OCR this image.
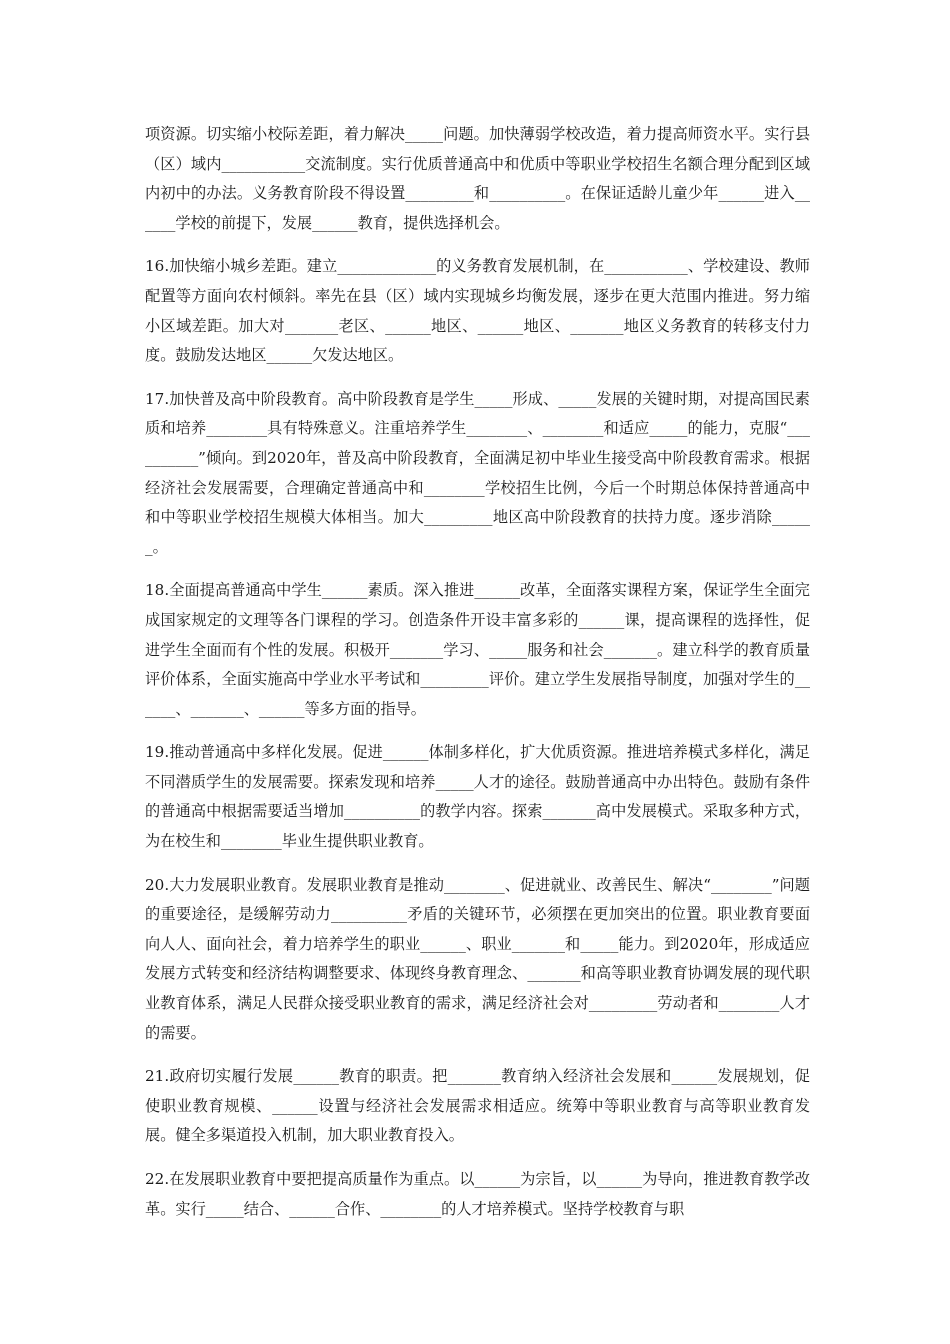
项资源。切实缩小校际差距，着力解决_____问题。加快薄弱学校改造，着力提高师资水平。实行县（区）域内___________交流制度。实行优质普通高中和优质中等职业学校招生名额合理分配到区域内初中的办法。义务教育阶段不得设置_________和__________。在保证适龄儿童少年______进入______学校的前提下，发展______教育，提供选择机会。
16.加快缩小城乡差距。建立_____________的义务教育发展机制，在___________、学校建设、教师配置等方面向农村倾斜。率先在县（区）域内实现城乡均衡发展，逐步在更大范围内推进。努力缩小区域差距。加大对_______老区、______地区、______地区、_______地区义务教育的转移支付力度。鼓励发达地区______欠发达地区。
17.加快普及高中阶段教育。高中阶段教育是学生_____形成、_____发展的关键时期，对提高国民素质和培养________具有特殊意义。注重培养学生________、________和适应_____的能力，克服“__________”倾向。到2020年，普及高中阶段教育，全面满足初中毕业生接受高中阶段教育需求。根据经济社会发展需要，合理确定普通高中和________学校招生比例，今后一个时期总体保持普通高中和中等职业学校招生规模大体相当。加大_________地区高中阶段教育的扶持力度。逐步消除______。
18.全面提高普通高中学生______素质。深入推进______改革，全面落实课程方案，保证学生全面完成国家规定的文理等各门课程的学习。创造条件开设丰富多彩的______课，提高课程的选择性，促进学生全面而有个性的发展。积极开_______学习、_____服务和社会_______。建立科学的教育质量评价体系，全面实施高中学业水平考试和_________评价。建立学生发展指导制度，加强对学生的______、_______、______等多方面的指导。
19.推动普通高中多样化发展。促进______体制多样化，扩大优质资源。推进培养模式多样化，满足不同潜质学生的发展需要。探索发现和培养_____人才的途径。鼓励普通高中办出特色。鼓励有条件的普通高中根据需要适当增加__________的教学内容。探索_______高中发展模式。采取多种方式，为在校生和________毕业生提供职业教育。
20.大力发展职业教育。发展职业教育是推动________、促进就业、改善民生、解决“________”问题的重要途径，是缓解劳动力__________矛盾的关键环节，必须摆在更加突出的位置。职业教育要面向人人、面向社会，着力培养学生的职业______、职业_______和_____能力。到2020年，形成适应发展方式转变和经济结构调整要求、体现终身教育理念、_______和高等职业教育协调发展的现代职业教育体系，满足人民群众接受职业教育的需求，满足经济社会对_________劳动者和________人才的需要。
21.政府切实履行发展______教育的职责。把_______教育纳入经济社会发展和______发展规划，促使职业教育规模、______设置与经济社会发展需求相适应。统筹中等职业教育与高等职业教育发展。健全多渠道投入机制，加大职业教育投入。
22.在发展职业教育中要把提高质量作为重点。以______为宗旨，以______为导向，推进教育教学改革。实行_____结合、______合作、________的人才培养模式。坚持学校教育与职
